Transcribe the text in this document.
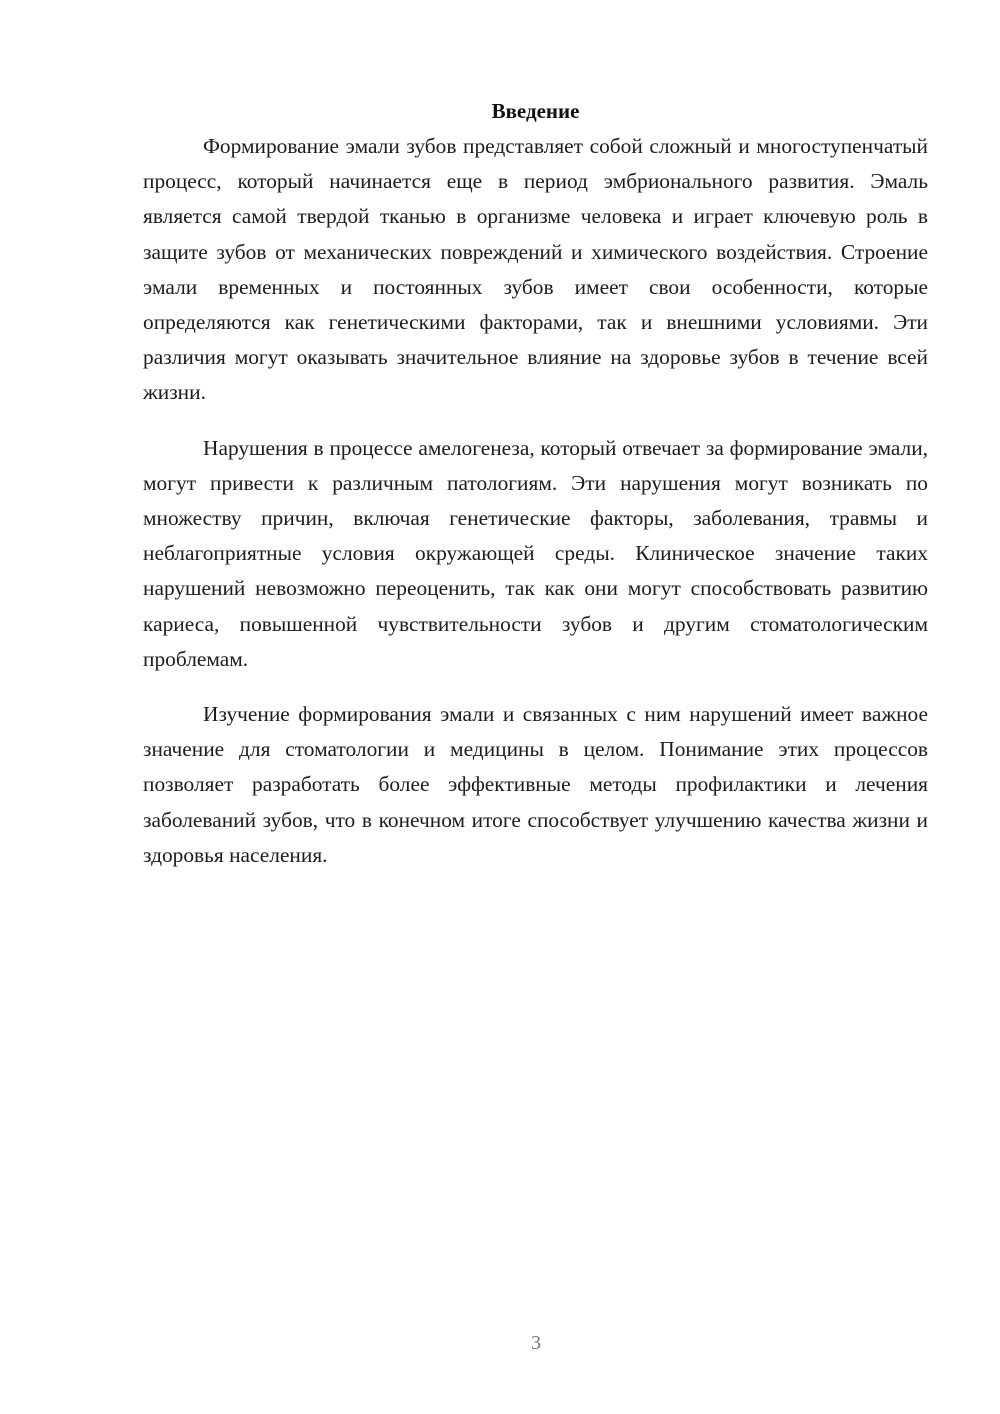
Введение

Формирование эмали зубов представляет собой сложный и многоступенчатый процесс, который начинается еще в период эмбрионального развития. Эмаль является самой твердой тканью в организме человека и играет ключевую роль в защите зубов от механических повреждений и химического воздействия. Строение эмали временных и постоянных зубов имеет свои особенности, которые определяются как генетическими факторами, так и внешними условиями. Эти различия могут оказывать значительное влияние на здоровье зубов в течение всей жизни.

Нарушения в процессе амелогенеза, который отвечает за формирование эмали, могут привести к различным патологиям. Эти нарушения могут возникать по множеству причин, включая генетические факторы, заболевания, травмы и неблагоприятные условия окружающей среды. Клиническое значение таких нарушений невозможно переоценить, так как они могут способствовать развитию кариеса, повышенной чувствительности зубов и другим стоматологическим проблемам.

Изучение формирования эмали и связанных с ним нарушений имеет важное значение для стоматологии и медицины в целом. Понимание этих процессов позволяет разработать более эффективные методы профилактики и лечения заболеваний зубов, что в конечном итоге способствует улучшению качества жизни и здоровья населения.

3
